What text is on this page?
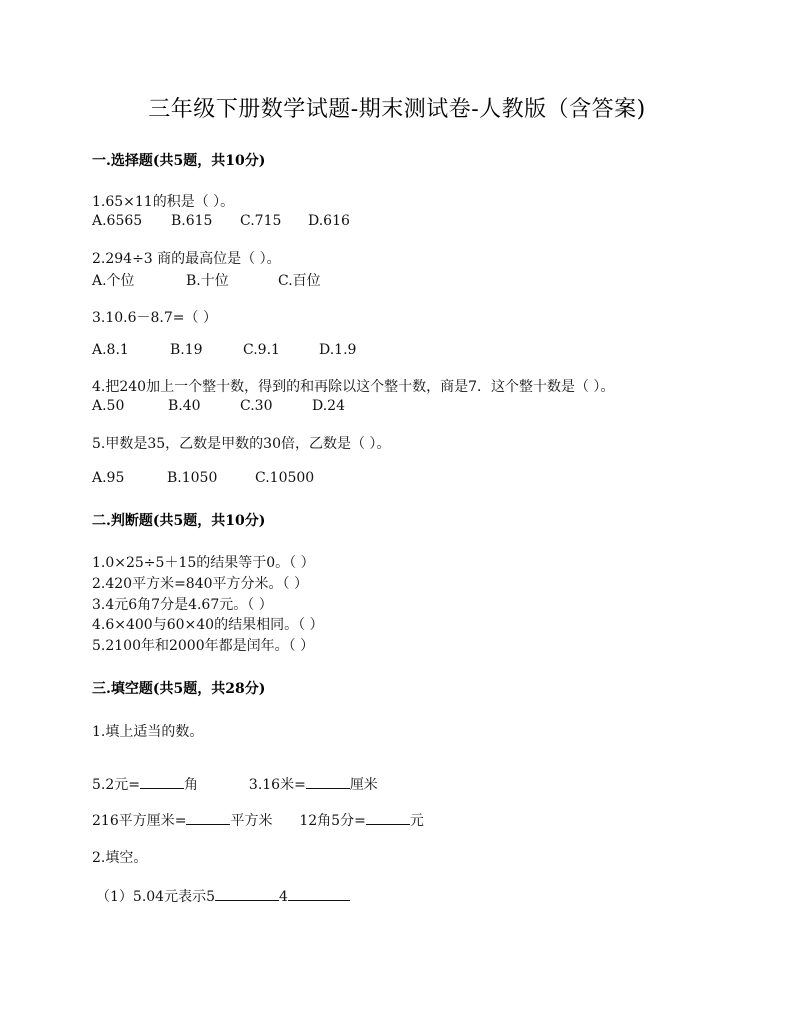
三年级下册数学试题-期末测试卷-人教版（含答案)
一.选择题(共5题，共10分)
1.65×11的积是（ ）。
A.6565 B.615 C.715 D.616
2.294÷3 商的最高位是（ ）。
A.个位	B.十位	C.百位
3.10.6－8.7=（ ）
A.8.1	B.19	C.9.1	D.1.9
4.把240加上一个整十数，得到的和再除以这个整十数，商是7．这个整十数是（ ）。
A.50	B.40	C.30	D.24
5.甲数是35，乙数是甲数的30倍，乙数是（ ）。
A.95	B.1050	C.10500
二.判断题(共5题，共10分)
1.0×25÷5＋15的结果等于0。（ ）
2.420平方米=840平方分米。（ ）
3.4元6角7分是4.67元。（ ）
4.6×400与60×40的结果相同。（ ）
5.2100年和2000年都是闰年。（ ）
三.填空题(共5题，共28分)
1.填上适当的数。
5.2元=	角	3.16米=	厘米
216平方厘米=	平方米 12角5分=	元
2.填空。
（1）5.04元表示5	4
